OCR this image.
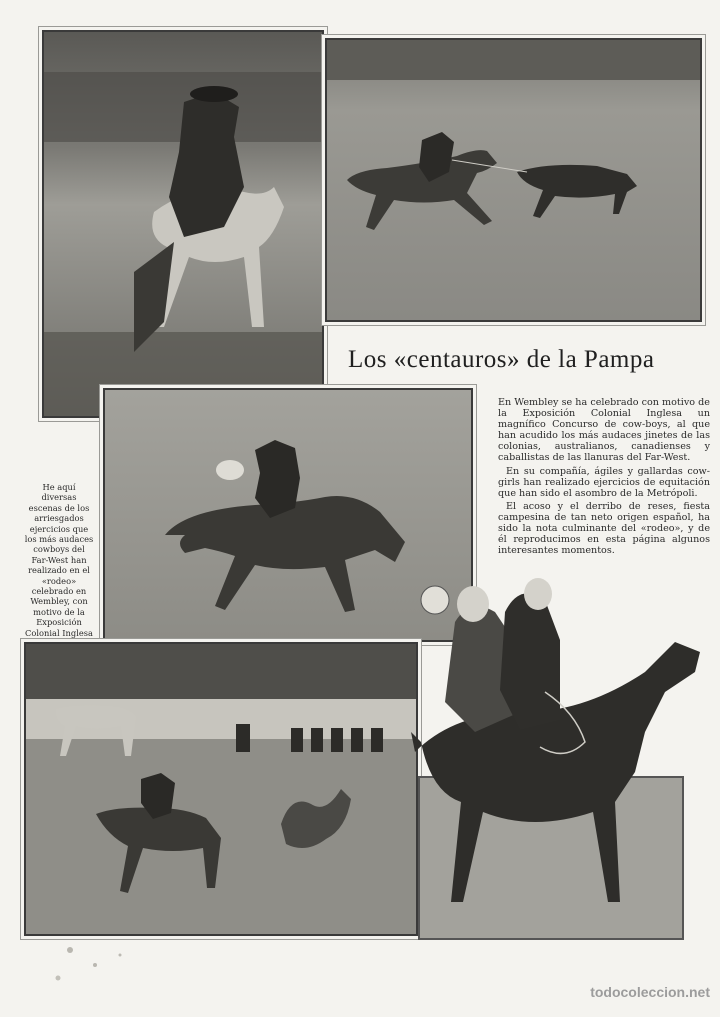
Los «centauros» de la Pampa

En Wembley se ha celebrado con motivo de la Exposición Colonial Inglesa un magnífico Concurso de cow-boys, al que han acudido los más audaces jinetes de las colonias, australianos, canadienses y caballistas de las llanuras del Far-West.

En su compañía, ágiles y gallardas cow-girls han realizado ejercicios de equitación que han sido el asombro de la Metrópoli.

El acoso y el derribo de reses, fiesta campesina de tan neto origen español, ha sido la nota culminante del «rodeo», y de él reproducimos en esta página algunos interesantes momentos.

He aquí diversas escenas de los arriesgados ejercicios que los más audaces cowboys del Far-West han realizado en el «rodeo» celebrado en Wembley, con motivo de la Exposición Colonial Inglesa
todocoleccion.net
